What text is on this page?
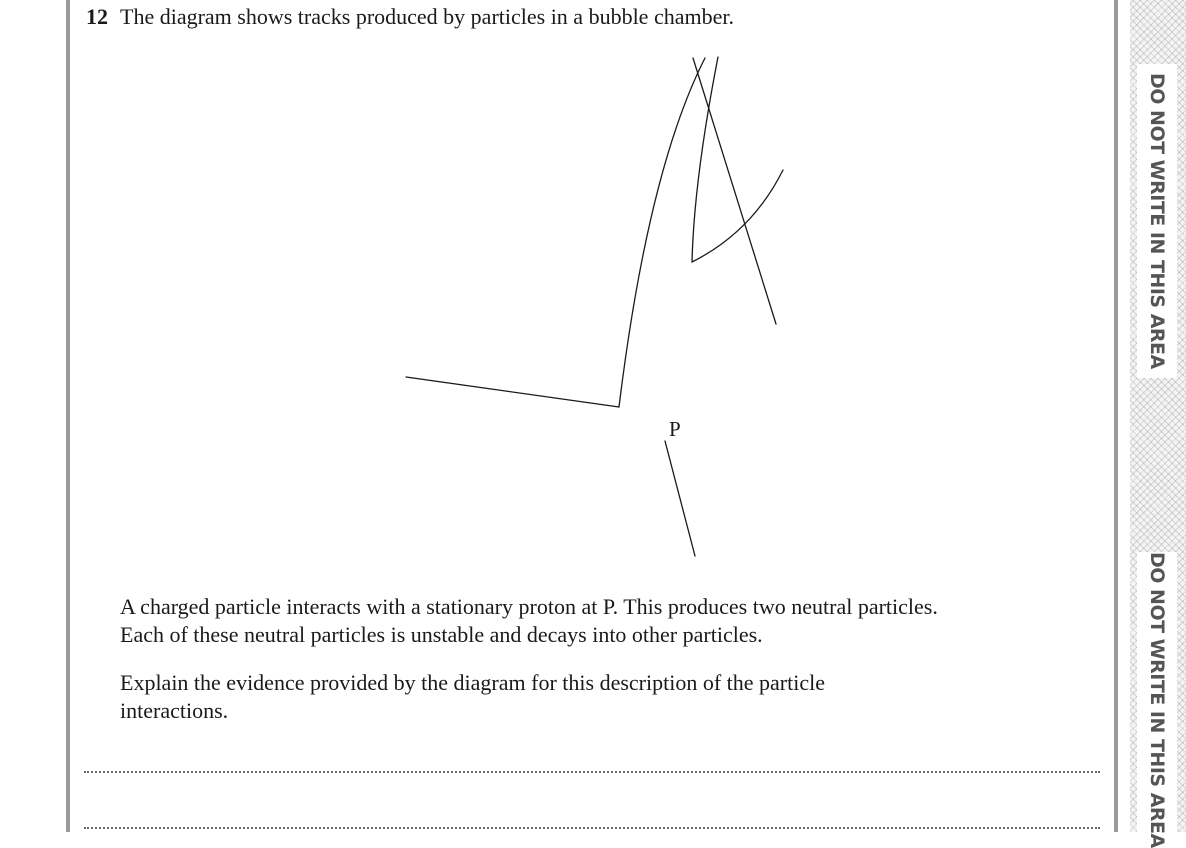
DO NOT WRITE IN THIS AREA
DO NOT WRITE IN THIS AREA
12 The diagram shows tracks produced by particles in a bubble chamber.
P

A charged particle interacts with a stationary proton at P. This produces two neutral particles. Each of these neutral particles is unstable and decays into other particles.

Explain the evidence provided by the diagram for this description of the particle interactions.
